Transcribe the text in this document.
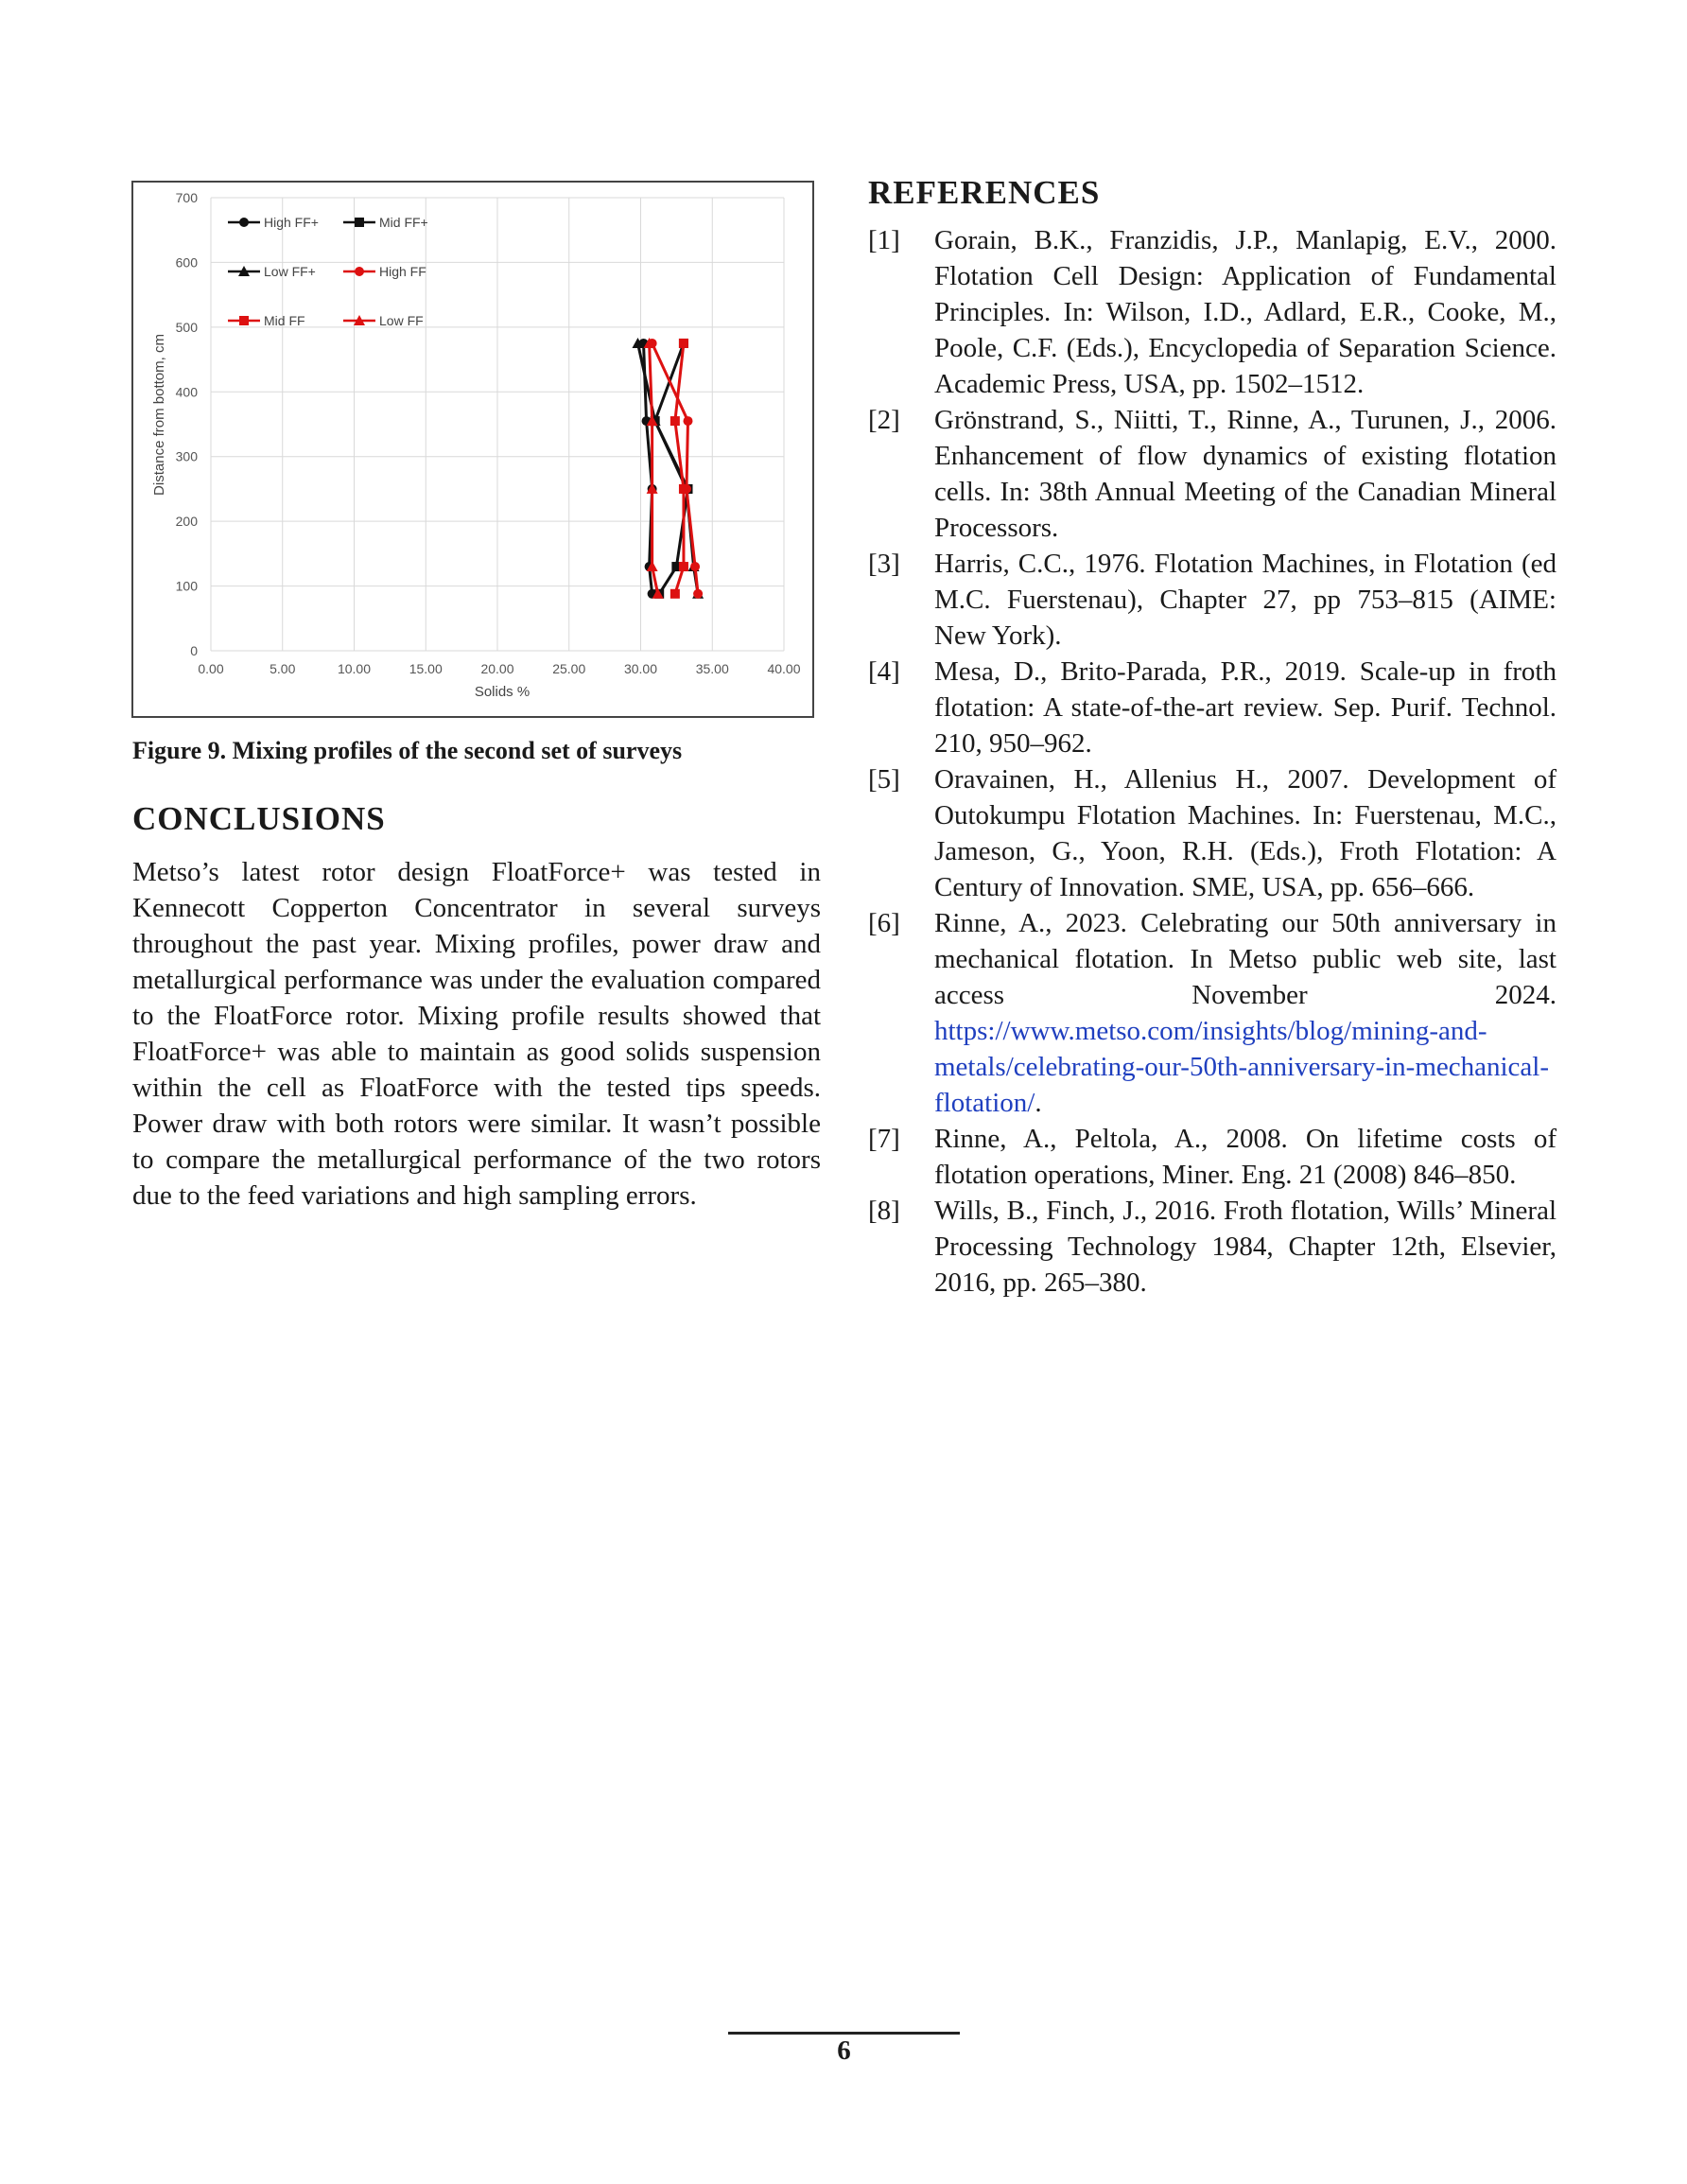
0.00	5.00	10.00	15.00	20.00	25.00	30.00	35.00	40.00
0
100
200
300
400
500
600
700
Solids %
Distance from bottom, cm
High FF+	Mid FF+
Low FF+	High FF
Mid FF	Low FF
Figure 9. Mixing profiles of the second set of surveys
CONCLUSIONS
Metso’s latest rotor design FloatForce+ was tested in Kennecott Copperton Concentrator in several surveys throughout the past year. Mixing profiles, power draw and metallurgical performance was under the evaluation compared to the FloatForce rotor. Mixing profile results showed that FloatForce+ was able to maintain as good solids suspension within the cell as FloatForce with the tested tips speeds. Power draw with both rotors were similar. It wasn’t possible to compare the metallurgical performance of the two rotors due to the feed variations and high sampling errors.
REFERENCES
[1] Gorain, B.K., Franzidis, J.P., Manlapig, E.V., 2000. Flotation Cell Design: Application of Fundamental Principles. In: Wilson, I.D., Adlard, E.R., Cooke, M., Poole, C.F. (Eds.), Encyclopedia of Separation Science. Academic Press, USA, pp. 1502–1512.
[2] Grönstrand, S., Niitti, T., Rinne, A., Turunen, J., 2006. Enhancement of flow dynamics of existing flotation cells. In: 38th Annual Meeting of the Canadian Mineral Processors.
[3] Harris, C.C., 1976. Flotation Machines, in Flotation (ed M.C. Fuerstenau), Chapter 27, pp 753–815 (AIME: New York).
[4] Mesa, D., Brito-Parada, P.R., 2019. Scale-up in froth flotation: A state-of-the-art review. Sep. Purif. Technol. 210, 950–962.
[5] Oravainen, H., Allenius H., 2007. Development of Outokumpu Flotation Machines. In: Fuerstenau, M.C., Jameson, G., Yoon, R.H. (Eds.), Froth Flotation: A Century of Innovation. SME, USA, pp. 656–666.
[6] Rinne, A., 2023. Celebrating our 50th anniversary in mechanical flotation. In Metso public web site, last access November 2024. https://www.metso.com/insights/blog/mining-and-metals/celebrating-our-50th-anniversary-in-mechanical-flotation/.
[7] Rinne, A., Peltola, A., 2008. On lifetime costs of flotation operations, Miner. Eng. 21 (2008) 846–850.
[8] Wills, B., Finch, J., 2016. Froth flotation, Wills’ Mineral Processing Technology 1984, Chapter 12th, Elsevier, 2016, pp. 265–380.
6
